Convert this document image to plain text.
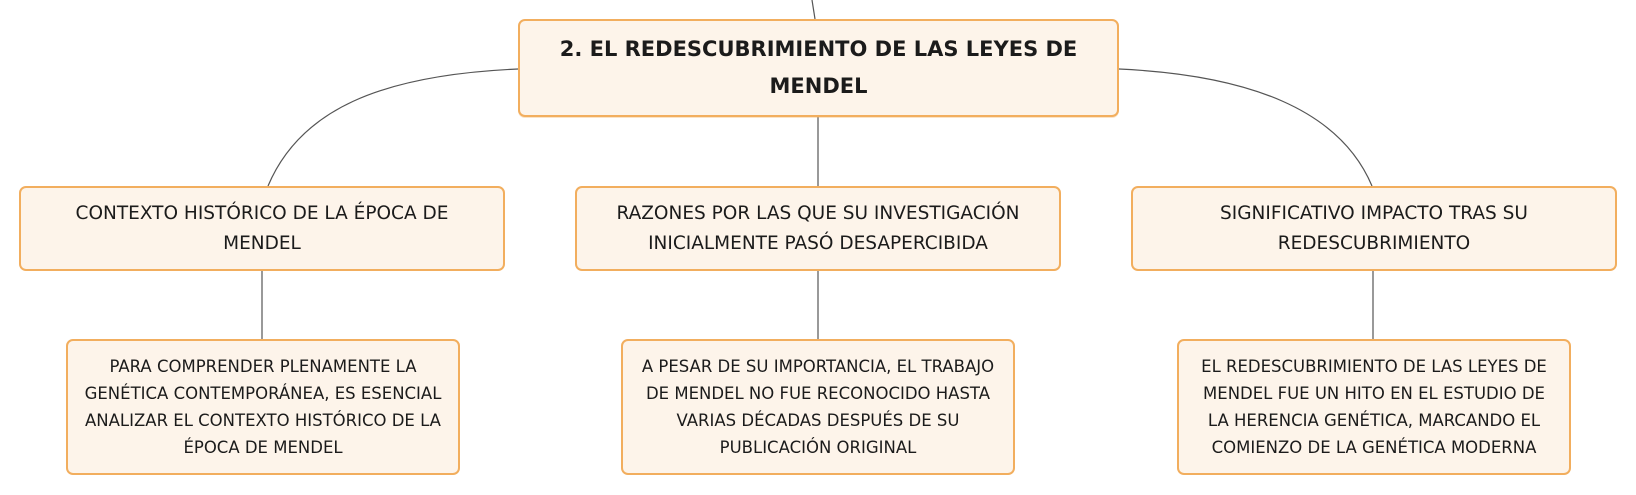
2. EL REDESCUBRIMIENTO DE LAS LEYES DE MENDEL
CONTEXTO HISTÓRICO DE LA ÉPOCA DE MENDEL
RAZONES POR LAS QUE SU INVESTIGACIÓN INICIALMENTE PASÓ DESAPERCIBIDA
SIGNIFICATIVO IMPACTO TRAS SU REDESCUBRIMIENTO
PARA COMPRENDER PLENAMENTE LA GENÉTICA CONTEMPORÁNEA, ES ESENCIAL ANALIZAR EL CONTEXTO HISTÓRICO DE LA ÉPOCA DE MENDEL
A PESAR DE SU IMPORTANCIA, EL TRABAJO DE MENDEL NO FUE RECONOCIDO HASTA VARIAS DÉCADAS DESPUÉS DE SU PUBLICACIÓN ORIGINAL
EL REDESCUBRIMIENTO DE LAS LEYES DE MENDEL FUE UN HITO EN EL ESTUDIO DE LA HERENCIA GENÉTICA, MARCANDO EL COMIENZO DE LA GENÉTICA MODERNA
